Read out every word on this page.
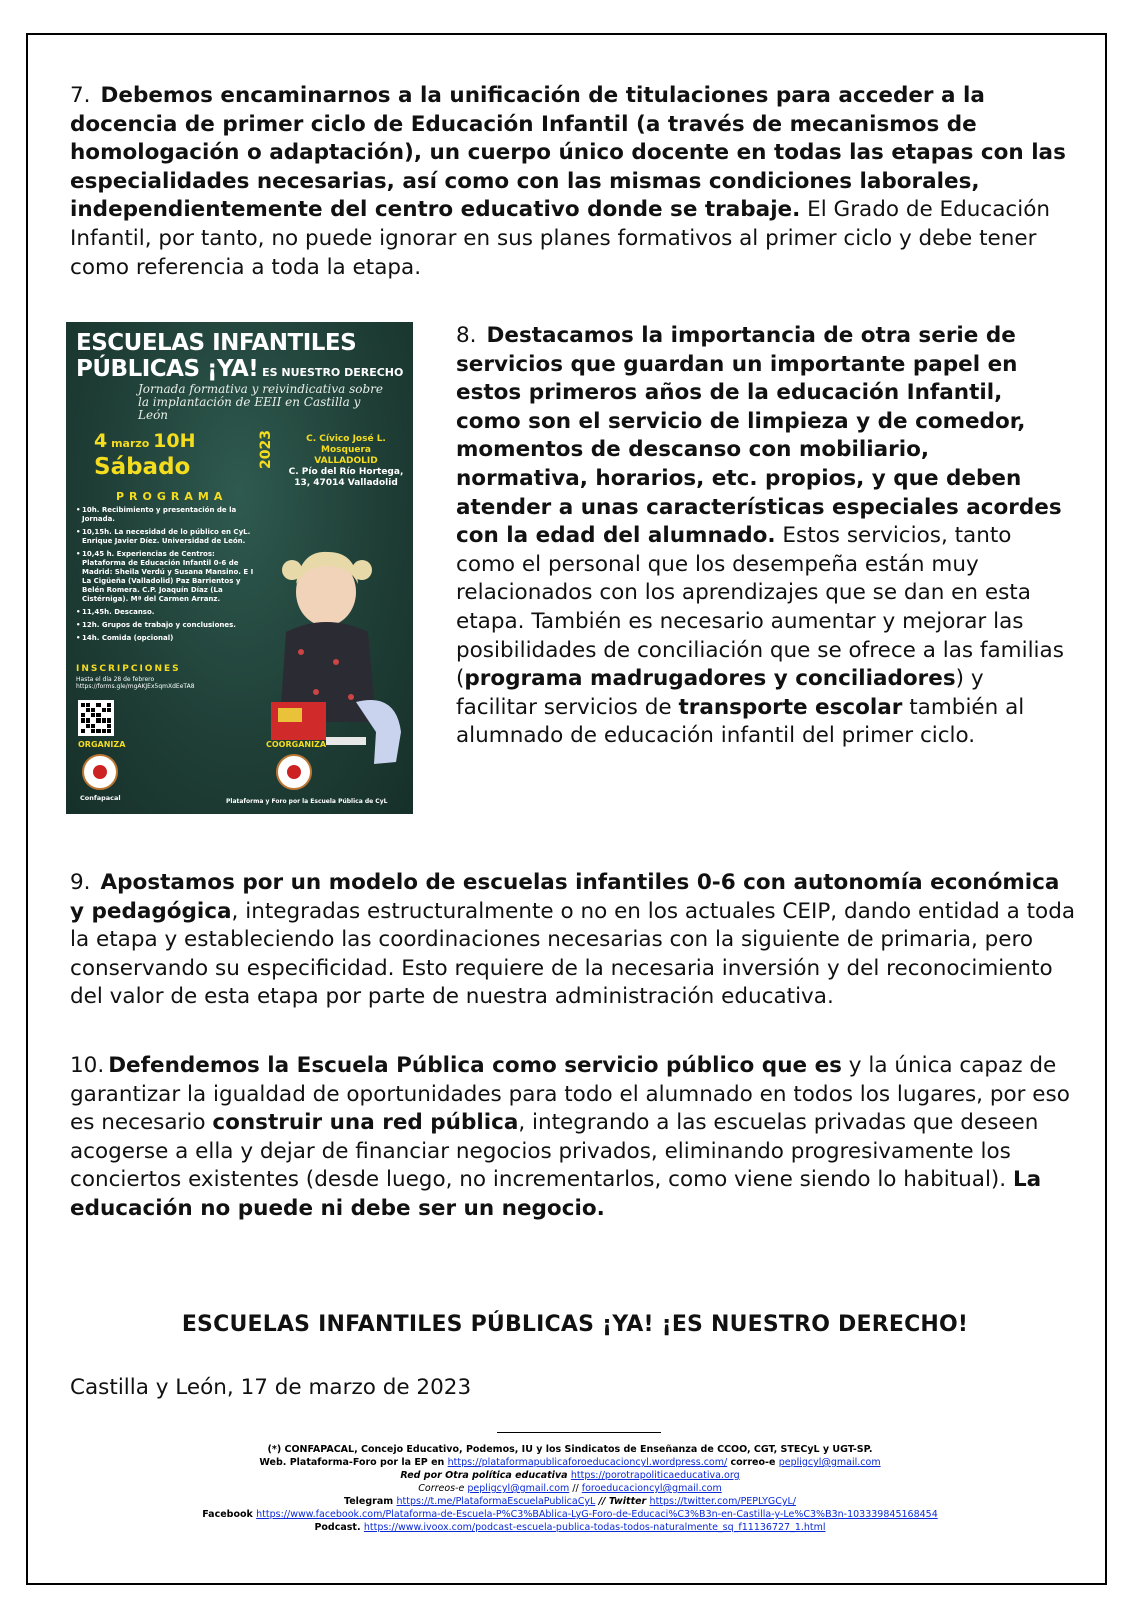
7. Debemos encaminarnos a la unificación de titulaciones para acceder a la docencia de primer ciclo de Educación Infantil (a través de mecanismos de homologación o adaptación), un cuerpo único docente en todas las etapas con las especialidades necesarias, así como con las mismas condiciones laborales, independientemente del centro educativo donde se trabaje. El Grado de Educación Infantil, por tanto, no puede ignorar en sus planes formativos al primer ciclo y debe tener como referencia a toda la etapa.

ESCUELAS INFANTILES
PÚBLICAS ¡YA! ES NUESTRO DERECHO
Jornada formativa y reivindicativa sobre la implantación de EEII en Castilla y León
4 marzo 10H
Sábado	2023	C. Cívico José L. Mosquera
VALLADOLID
C. Pío del Río Hortega, 13, 47014 Valladolid
PROGRAMA
• 10h. Recibimiento y presentación de la Jornada.
• 10,15h. La necesidad de lo público en CyL. Enrique Javier Díez. Universidad de León.
• 10,45 h. Experiencias de Centros: Plataforma de Educación Infantil 0-6 de Madrid: Sheila Verdú y Susana Mansino. E I La Cigüeña (Valladolid) Paz Barrientos y Belén Romera. C.P. Joaquín Díaz (La Cistérniga). Mª del Carmen Arranz.
• 11,45h. Descanso.
• 12h. Grupos de trabajo y conclusiones.
• 14h. Comida (opcional)
INSCRIPCIONES
Hasta el día 28 de febrero https://forms.gle/mgAKJEx5qmXdEeTA8
ORGANIZA	COORGANIZA
Confapacal	Plataforma y Foro por la Escuela Pública de CyL

8. Destacamos la importancia de otra serie de servicios que guardan un importante papel en estos primeros años de la educación Infantil, como son el servicio de limpieza y de comedor, momentos de descanso con mobiliario, normativa, horarios, etc. propios, y que deben atender a unas características especiales acordes con la edad del alumnado. Estos servicios, tanto como el personal que los desempeña están muy relacionados con los aprendizajes que se dan en esta etapa. También es necesario aumentar y mejorar las posibilidades de conciliación que se ofrece a las familias (programa madrugadores y conciliadores) y facilitar servicios de transporte escolar también al alumnado de educación infantil del primer ciclo.

9. Apostamos por un modelo de escuelas infantiles 0-6 con autonomía económica y pedagógica, integradas estructuralmente o no en los actuales CEIP, dando entidad a toda la etapa y estableciendo las coordinaciones necesarias con la siguiente de primaria, pero conservando su especificidad. Esto requiere de la necesaria inversión y del reconocimiento del valor de esta etapa por parte de nuestra administración educativa.

10. Defendemos la Escuela Pública como servicio público que es y la única capaz de garantizar la igualdad de oportunidades para todo el alumnado en todos los lugares, por eso es necesario construir una red pública, integrando a las escuelas privadas que deseen acogerse a ella y dejar de financiar negocios privados, eliminando progresivamente los conciertos existentes (desde luego, no incrementarlos, como viene siendo lo habitual). La educación no puede ni debe ser un negocio.

ESCUELAS INFANTILES PÚBLICAS ¡YA! ¡ES NUESTRO DERECHO!
Castilla y León, 17 de marzo de 2023
(*) CONFAPACAL, Concejo Educativo, Podemos, IU y los Sindicatos de Enseñanza de CCOO, CGT, STECyL y UGT-SP.
Web. Plataforma-Foro por la EP en https://plataformapublicaforoeducacioncyl.wordpress.com/ correo-e pepligcyl@gmail.com
Red por Otra política educativa https://porotrapoliticaeducativa.org
Correos-e pepligcyl@gmail.com // foroeducacioncyl@gmail.com
Telegram https://t.me/PlataformaEscuelaPublicaCyL // Twitter https://twitter.com/PEPLYGCyL/
Facebook https://www.facebook.com/Plataforma-de-Escuela-P%C3%BAblica-LyG-Foro-de-Educaci%C3%B3n-en-Castilla-y-Le%C3%B3n-103339845168454
Podcast. https://www.ivoox.com/podcast-escuela-publica-todas-todos-naturalmente_sq_f11136727_1.html
